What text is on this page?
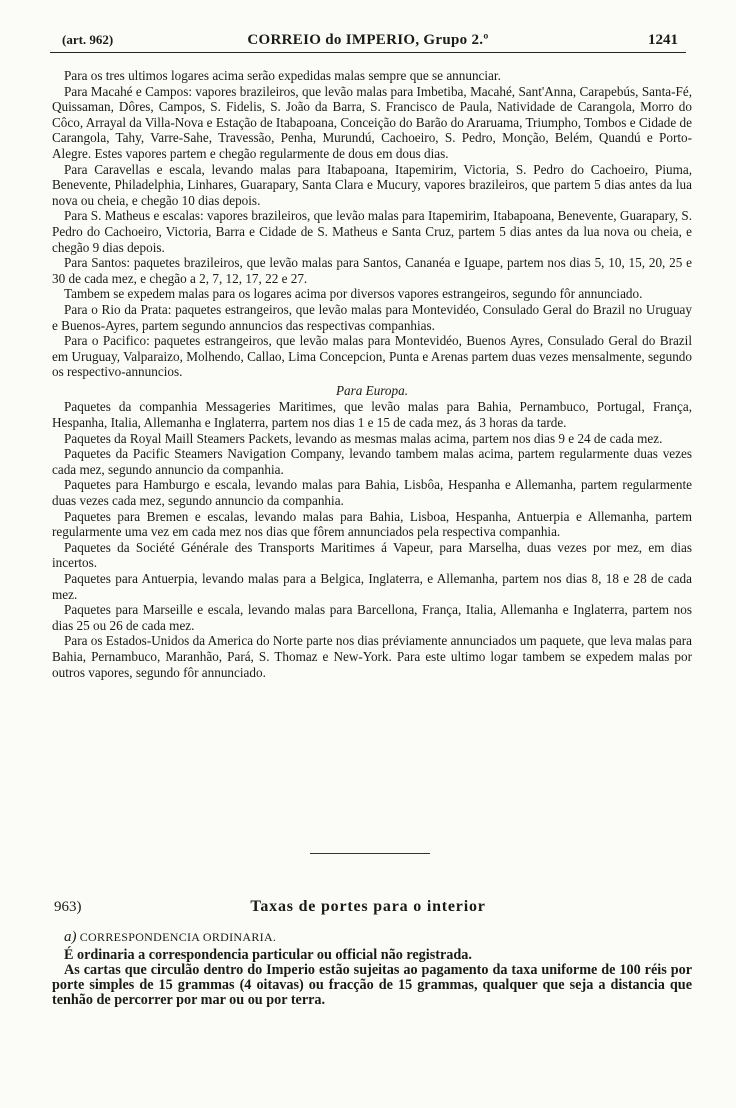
(art. 962)	CORREIO do IMPERIO, Grupo 2.º	1241

Para os tres ultimos logares acima serão expedidas malas sempre que se annunciar.

Para Macahé e Campos: vapores brazileiros, que levão malas para Imbetiba, Macahé, Sant'Anna, Carapebús, Santa-Fé, Quissaman, Dôres, Campos, S. Fidelis, S. João da Barra, S. Francisco de Paula, Natividade de Carangola, Morro do Côco, Arrayal da Villa-Nova e Estação de Itabapoana, Conceição do Barão do Araruama, Triumpho, Tombos e Cidade de Carangola, Tahy, Varre-Sahe, Travessão, Penha, Murundú, Cachoeiro, S. Pedro, Monção, Belém, Quandú e Porto-Alegre. Estes vapores partem e chegão regularmente de dous em dous dias.

Para Caravellas e escala, levando malas para Itabapoana, Itapemirim, Victoria, S. Pedro do Cachoeiro, Piuma, Benevente, Philadelphia, Linhares, Guarapary, Santa Clara e Mucury, vapores brazileiros, que partem 5 dias antes da lua nova ou cheia, e chegão 10 dias depois.

Para S. Matheus e escalas: vapores brazileiros, que levão malas para Itapemirim, Itabapoana, Benevente, Guarapary, S. Pedro do Cachoeiro, Victoria, Barra e Cidade de S. Matheus e Santa Cruz, partem 5 dias antes da lua nova ou cheia, e chegão 9 dias depois.

Para Santos: paquetes brazileiros, que levão malas para Santos, Cananéa e Iguape, partem nos dias 5, 10, 15, 20, 25 e 30 de cada mez, e chegão a 2, 7, 12, 17, 22 e 27.

Tambem se expedem malas para os logares acima por diversos vapores estrangeiros, segundo fôr annunciado.

Para o Rio da Prata: paquetes estrangeiros, que levão malas para Montevidéo, Consulado Geral do Brazil no Uruguay e Buenos-Ayres, partem segundo annuncios das respectivas companhias.

Para o Pacifico: paquetes estrangeiros, que levão malas para Montevidéo, Buenos Ayres, Consulado Geral do Brazil em Uruguay, Valparaizo, Molhendo, Callao, Lima Concepcion, Punta e Arenas partem duas vezes mensalmente, segundo os respectivo-annuncios.

Para Europa.

Paquetes da companhia Messageries Maritimes, que levão malas para Bahia, Pernambuco, Portugal, França, Hespanha, Italia, Allemanha e Inglaterra, partem nos dias 1 e 15 de cada mez, ás 3 horas da tarde.

Paquetes da Royal Maill Steamers Packets, levando as mesmas malas acima, partem nos dias 9 e 24 de cada mez.

Paquetes da Pacific Steamers Navigation Company, levando tambem malas acima, partem regularmente duas vezes cada mez, segundo annuncio da companhia.

Paquetes para Hamburgo e escala, levando malas para Bahia, Lisbôa, Hespanha e Allemanha, partem regularmente duas vezes cada mez, segundo annuncio da companhia.

Paquetes para Bremen e escalas, levando malas para Bahia, Lisboa, Hespanha, Antuerpia e Allemanha, partem regularmente uma vez em cada mez nos dias que fôrem annunciados pela respectiva companhia.

Paquetes da Société Générale des Transports Maritimes á Vapeur, para Marselha, duas vezes por mez, em dias incertos.

Paquetes para Antuerpia, levando malas para a Belgica, Inglaterra, e Allemanha, partem nos dias 8, 18 e 28 de cada mez.

Paquetes para Marseille e escala, levando malas para Barcellona, França, Italia, Allemanha e Inglaterra, partem nos dias 25 ou 26 de cada mez.

Para os Estados-Unidos da America do Norte parte nos dias préviamente annunciados um paquete, que leva malas para Bahia, Pernambuco, Maranhão, Pará, S. Thomaz e New-York. Para este ultimo logar tambem se expedem malas por outros vapores, segundo fôr annunciado.

963)	Taxas de portes para o interior
a) CORRESPONDENCIA ORDINARIA.

É ordinaria a correspondencia particular ou official não registrada.

As cartas que circulão dentro do Imperio estão sujeitas ao pagamento da taxa uniforme de 100 réis por porte simples de 15 grammas (4 oitavas) ou fracção de 15 grammas, qualquer que seja a distancia que tenhão de percorrer por mar ou ou por terra.
